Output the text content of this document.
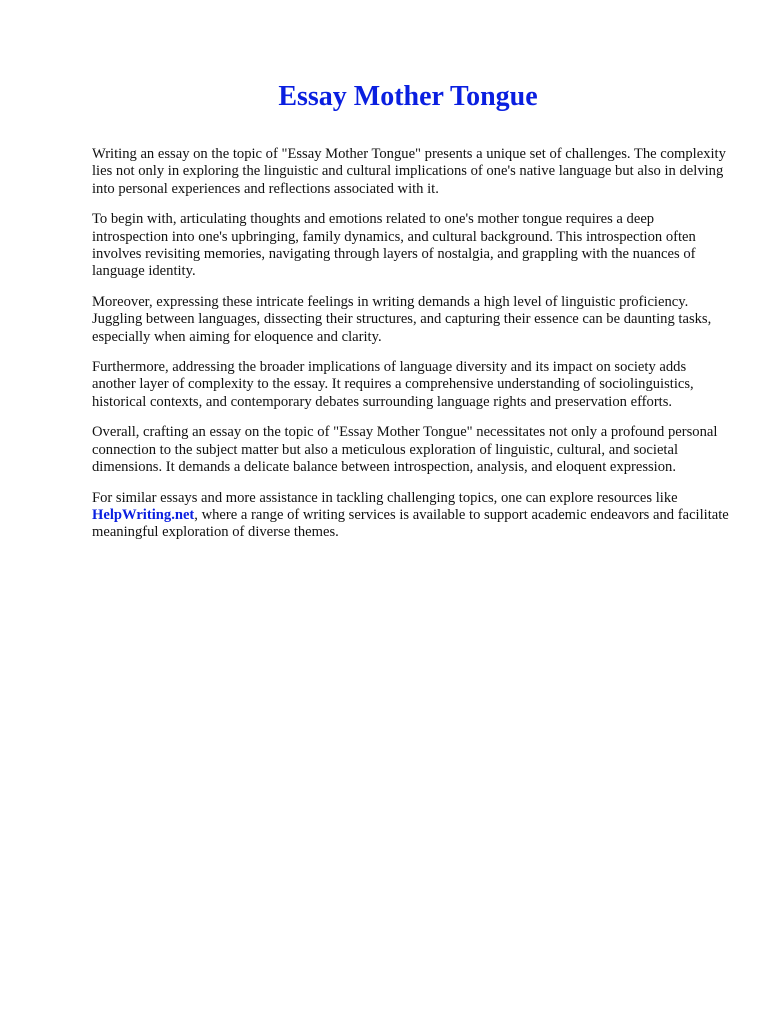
Essay Mother Tongue

Writing an essay on the topic of "Essay Mother Tongue" presents a unique set of challenges. The complexity lies not only in exploring the linguistic and cultural implications of one's native language but also in delving into personal experiences and reflections associated with it.

To begin with, articulating thoughts and emotions related to one's mother tongue requires a deep introspection into one's upbringing, family dynamics, and cultural background. This introspection often involves revisiting memories, navigating through layers of nostalgia, and grappling with the nuances of language identity.

Moreover, expressing these intricate feelings in writing demands a high level of linguistic proficiency. Juggling between languages, dissecting their structures, and capturing their essence can be daunting tasks, especially when aiming for eloquence and clarity.

Furthermore, addressing the broader implications of language diversity and its impact on society adds another layer of complexity to the essay. It requires a comprehensive understanding of sociolinguistics, historical contexts, and contemporary debates surrounding language rights and preservation efforts.

Overall, crafting an essay on the topic of "Essay Mother Tongue" necessitates not only a profound personal connection to the subject matter but also a meticulous exploration of linguistic, cultural, and societal dimensions. It demands a delicate balance between introspection, analysis, and eloquent expression.

For similar essays and more assistance in tackling challenging topics, one can explore resources like HelpWriting.net, where a range of writing services is available to support academic endeavors and facilitate meaningful exploration of diverse themes.
